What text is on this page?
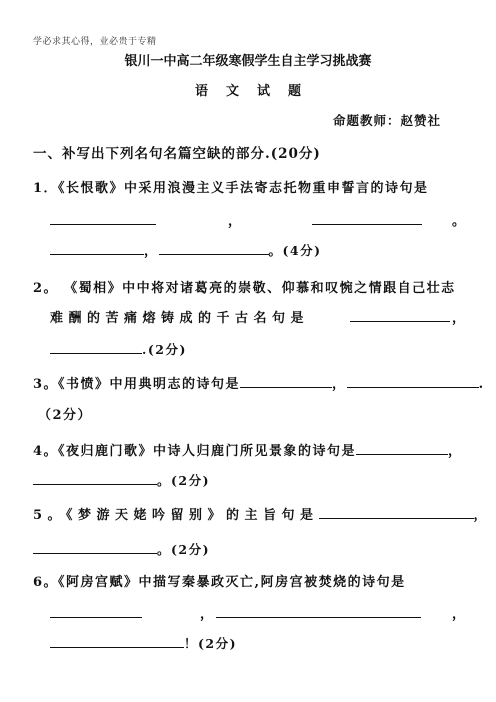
学必求其心得，业必贵于专精
银川一中高二年级寒假学生自主学习挑战赛
语文试题
命题教师：赵赞社
一、补写出下列名句名篇空缺的部分.(20分)
1．《长恨歌》中采用浪漫主义手法寄志托物重申誓言的诗句是
，	。
，	。(4分)
2。 《蜀相》中中将对诸葛亮的崇敬、仰慕和叹惋之情跟自己壮志
难酬的苦痛熔铸成的千古名句是	，
.(2分)
3。《书愤》中用典明志的诗句是	，	.
（2分）
4。《夜归鹿门歌》中诗人归鹿门所见景象的诗句是	，
。(2分)
5。《梦游天姥吟留别》的主旨句是	，
。(2分)
6。《阿房宫赋》中描写秦暴政灭亡,阿房宫被焚烧的诗句是
，	，
！(2分)
